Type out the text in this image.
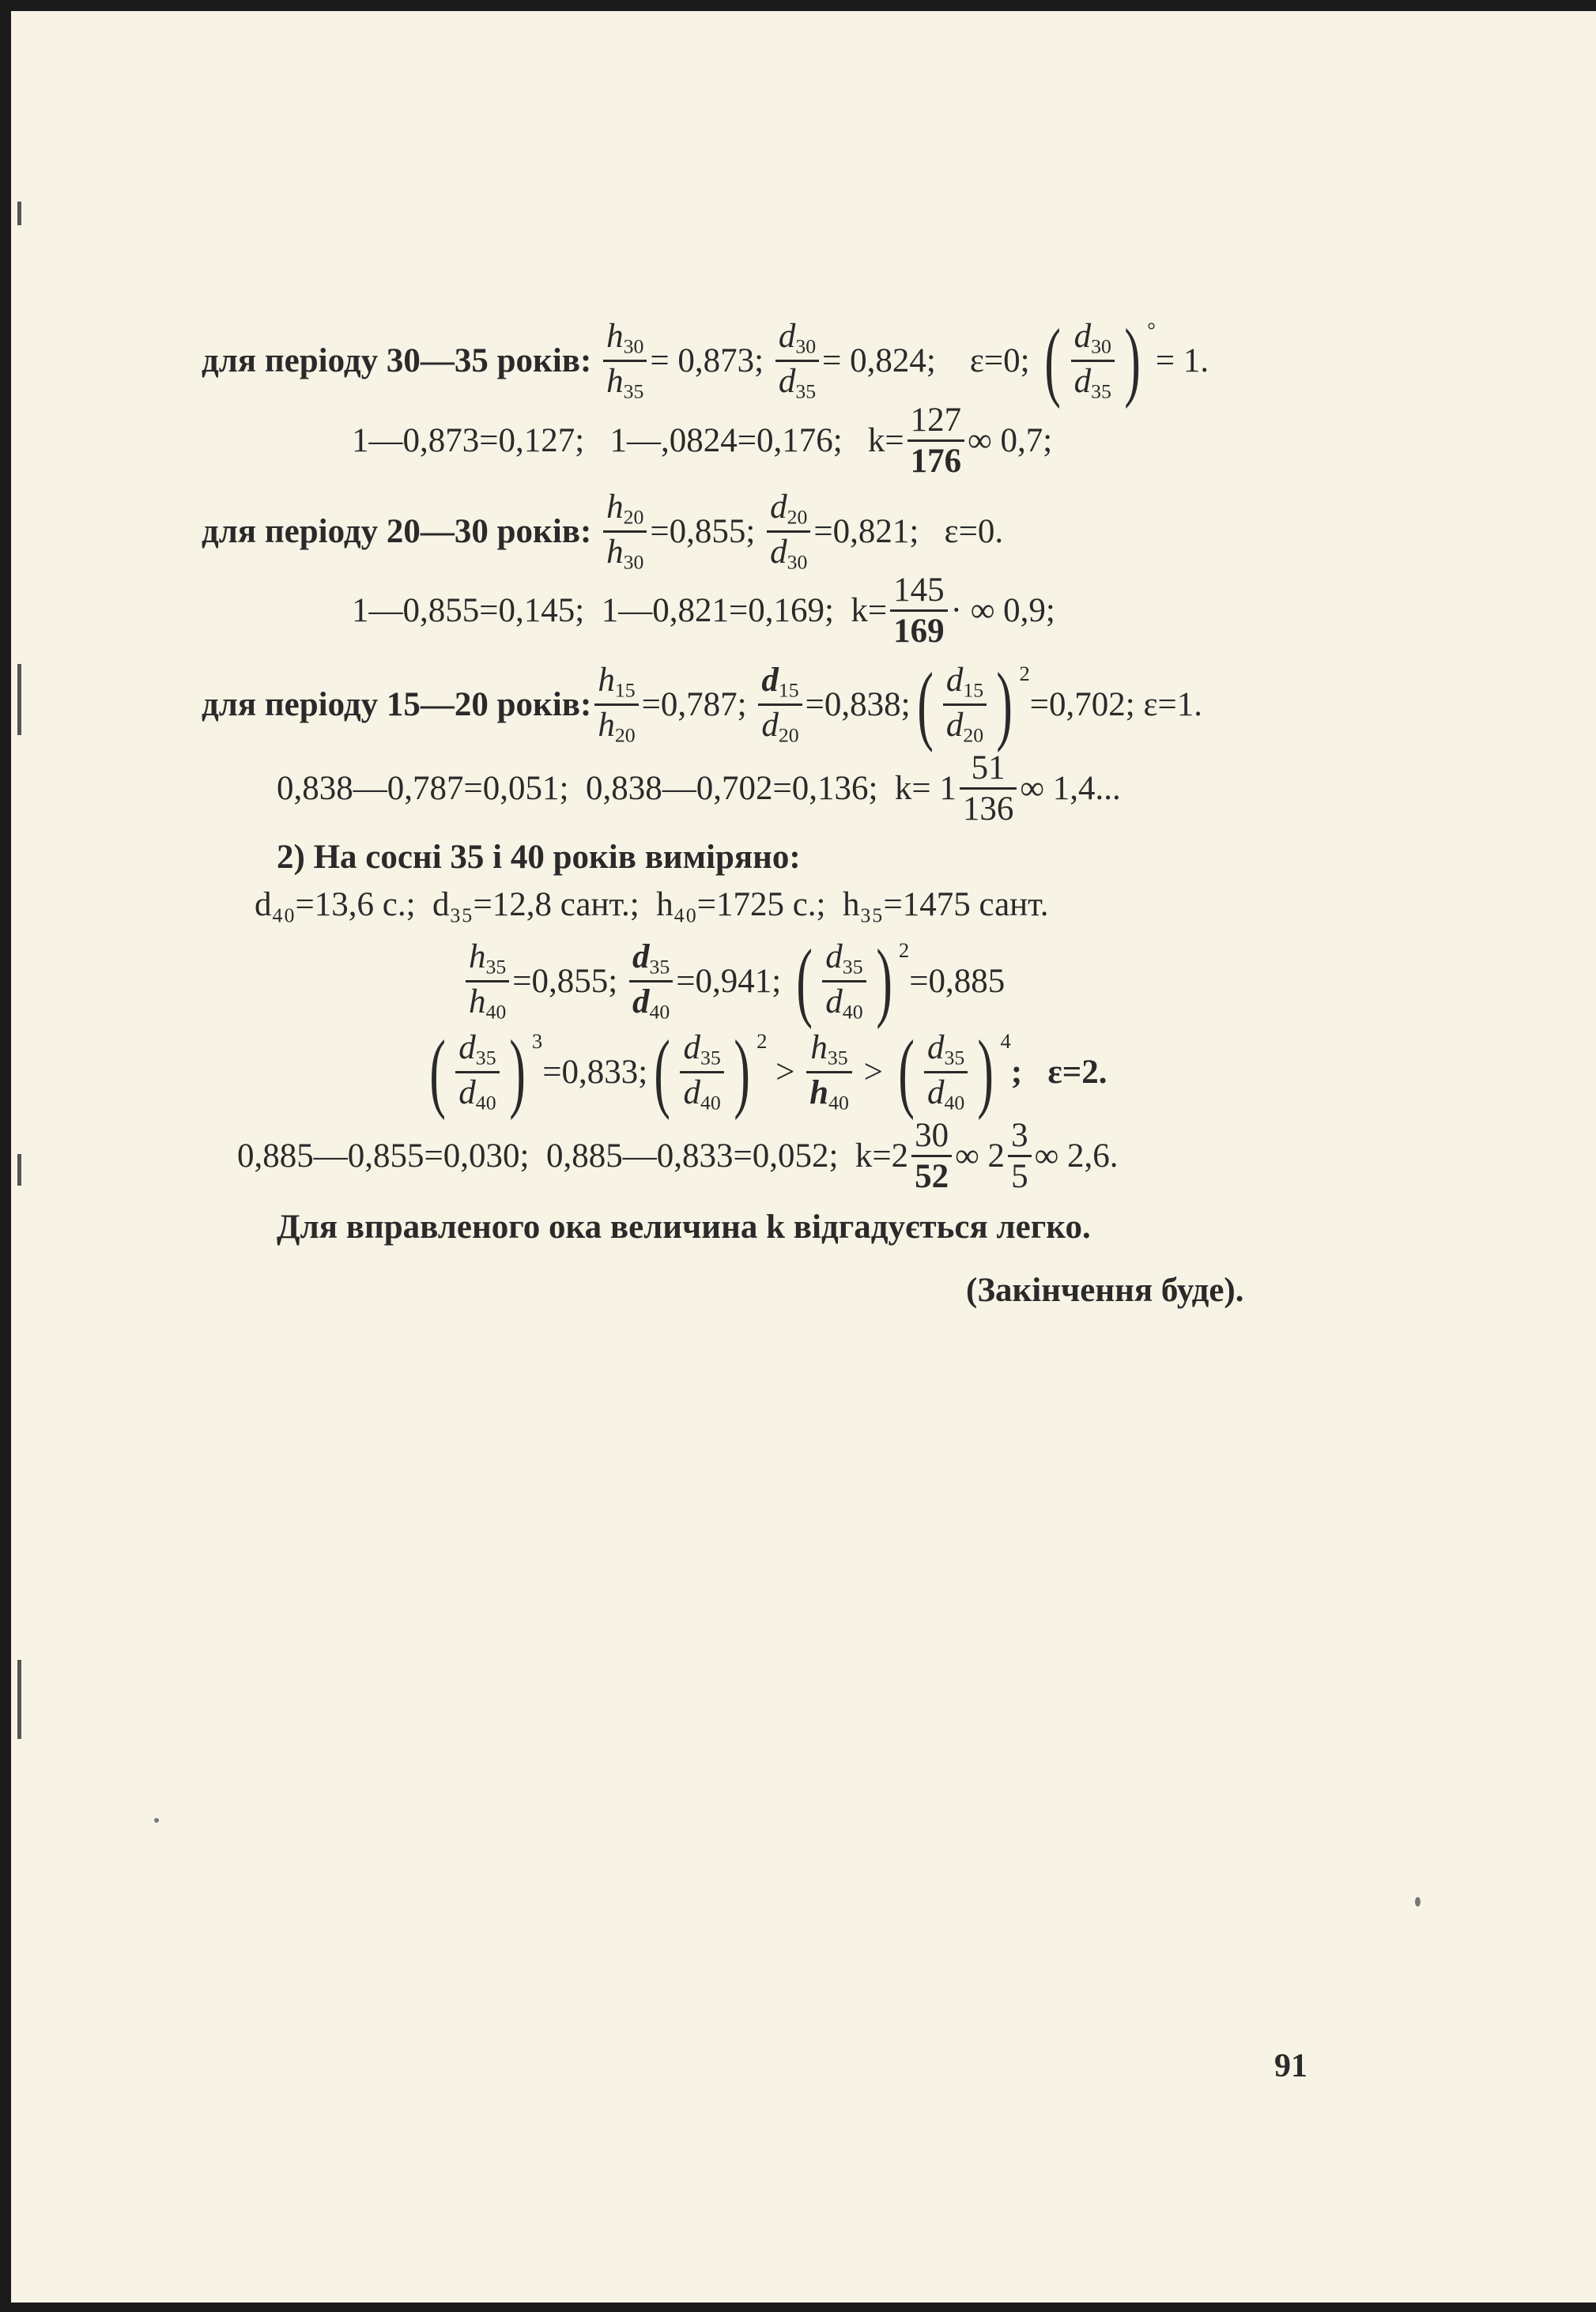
для періоду 30—35 років:
$\frac{h_{30}}{h_{35}} = 0,873$;
$\frac{d_{30}}{d_{35}} = 0,824$;
ε=0;
( $\frac{d_{30}}{d_{35}}$ ) °
= 1.
1—0,873=0,127;   1—,0824=0,176;   $k= \frac{127}{176}$ ∞ 0,7;
для періоду 20—30 років:
$\frac{h_{20}}{h_{30}} =0,855$;
$\frac{d_{20}}{d_{30}} =0,821$;   ε=0.
1—0,855=0,145;  1—0,821=0,169;  $k= \frac{145}{169}$ · ∞ 0,9;
для періоду 15—20 років: $\frac{h_{15}}{h_{20}} =0,787$;
$\frac{d_{15}}{d_{20}} =0,838$; ( $\frac{d_{15}}{d_{20}}$ ) 2
=0,702; ε=1.
0,838—0,787=0,051;  0,838—0,702=0,136;  $k= 1 \frac{51}{136}$ ∞ 1,4...
2) На сосні 35 і 40 років виміряно:
d₄₀=13,6 с.;  d₃₅=12,8 сант.;  h₄₀=1725 с.;  h₃₅=1475 сант.
$\frac{h_{35}}{h_{40}} =0,855$;
$\frac{d_{35}}{d_{40}} =0,941$;
( $\frac{d_{35}}{d_{40}}$ ) 2
=0,885
( $\frac{d_{35}}{d_{40}}$ ) 3
=0,833; ( $\frac{d_{35}}{d_{40}}$ ) 2

>
$\frac{h_{35}}{h_{40}}$
>
( $\frac{d_{35}}{d_{40}}$ ) 4
;   ε=2.
0,885—0,855=0,030;  0,885—0,833=0,052;  $k=2 \frac{30}{52}$ ∞ $2 \frac{3}{5}$ ∞ 2,6.
Для вправленого ока величина k відгадується легко.
(Закінчення буде).
91
